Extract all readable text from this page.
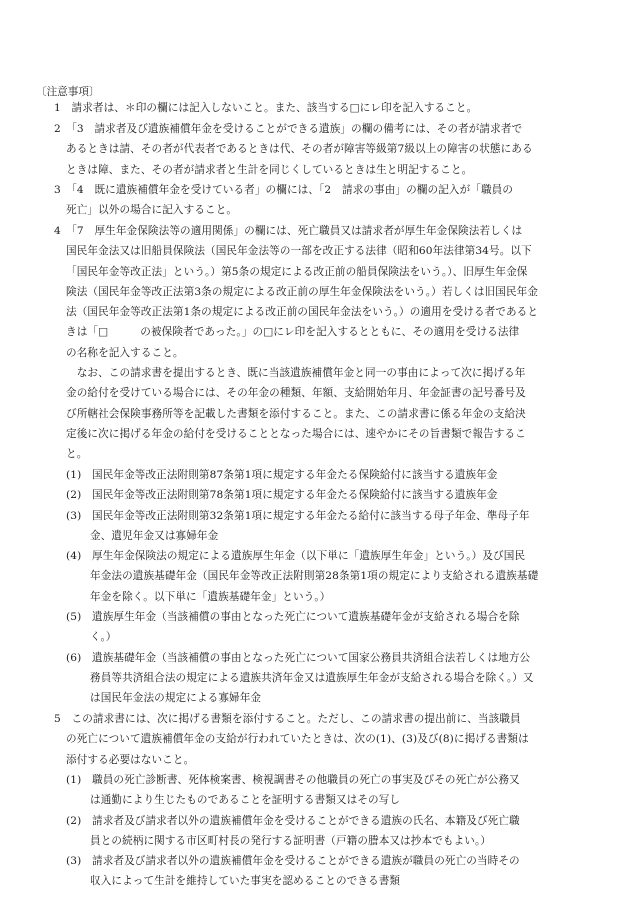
〔注意事項〕
1　請求者は、＊印の欄には記入しないこと。また、該当する□にレ印を記入すること。
2　「3　請求者及び遺族補償年金を受けることができる遺族」の欄の備考には、その者が請求者で
あるときは請、その者が代表者であるときは代、その者が障害等級第7級以上の障害の状態にある
ときは障、また、その者が請求者と生計を同じくしているときは生と明記すること。
3　「4　既に遺族補償年金を受けている者」の欄には、「2　請求の事由」の欄の記入が「職員の
死亡」以外の場合に記入すること。
4　「7　厚生年金保険法等の適用関係」の欄には、死亡職員又は請求者が厚生年金保険法若しくは
国民年金法又は旧船員保険法（国民年金法等の一部を改正する法律（昭和60年法律第34号。以下
「国民年金等改正法」という。）第5条の規定による改正前の船員保険法をいう。）、旧厚生年金保
険法（国民年金等改正法第3条の規定による改正前の厚生年金保険法をいう。）若しくは旧国民年金
法（国民年金等改正法第1条の規定による改正前の国民年金法をいう。）の適用を受ける者であると
きは「□　　　の被保険者であった。」の□にレ印を記入するとともに、その適用を受ける法律
の名称を記入すること。
　なお、この請求書を提出するとき、既に当該遺族補償年金と同一の事由によって次に掲げる年
金の給付を受けている場合には、その年金の種類、年額、支給開始年月、年金証書の記号番号及
び所轄社会保険事務所等を記載した書類を添付すること。また、この請求書に係る年金の支給決
定後に次に掲げる年金の給付を受けることとなった場合には、速やかにその旨書類で報告するこ
と。
(1)　国民年金等改正法附則第87条第1項に規定する年金たる保険給付に該当する遺族年金
(2)　国民年金等改正法附則第78条第1項に規定する年金たる保険給付に該当する遺族年金
(3)　国民年金等改正法附則第32条第1項に規定する年金たる給付に該当する母子年金、準母子年
金、遺児年金又は寡婦年金
(4)　厚生年金保険法の規定による遺族厚生年金（以下単に「遺族厚生年金」という。）及び国民
年金法の遺族基礎年金（国民年金等改正法附則第28条第1項の規定により支給される遺族基礎
年金を除く。以下単に「遺族基礎年金」という。）
(5)　遺族厚生年金（当該補償の事由となった死亡について遺族基礎年金が支給される場合を除
く。）
(6)　遺族基礎年金（当該補償の事由となった死亡について国家公務員共済組合法若しくは地方公
務員等共済組合法の規定による遺族共済年金又は遺族厚生年金が支給される場合を除く。）又
は国民年金法の規定による寡婦年金
5　この請求書には、次に掲げる書類を添付すること。ただし、この請求書の提出前に、当該職員
の死亡について遺族補償年金の支給が行われていたときは、次の(1)、(3)及び(8)に掲げる書類は
添付する必要はないこと。
(1)　職員の死亡診断書、死体検案書、検視調書その他職員の死亡の事実及びその死亡が公務又
は通勤により生じたものであることを証明する書類又はその写し
(2)　請求者及び請求者以外の遺族補償年金を受けることができる遺族の氏名、本籍及び死亡職
員との続柄に関する市区町村長の発行する証明書（戸籍の謄本又は抄本でもよい。）
(3)　請求者及び請求者以外の遺族補償年金を受けることができる遺族が職員の死亡の当時その
収入によって生計を維持していた事実を認めることのできる書類
